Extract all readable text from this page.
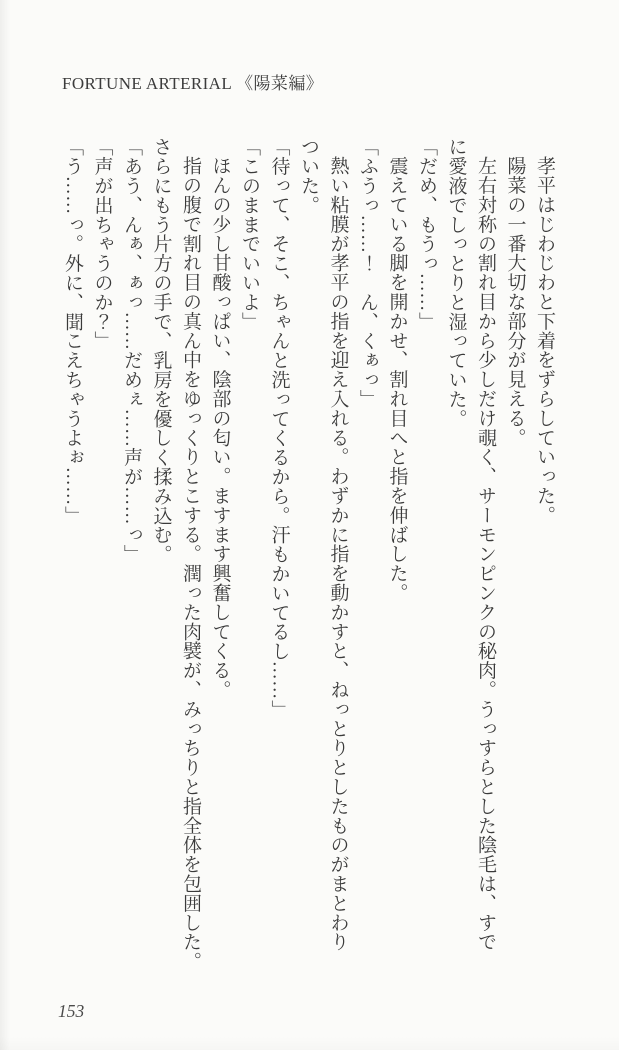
FORTUNE ARTERIAL 《陽菜編》

孝平はじわじわと下着をずらしていった。

陽菜の一番大切な部分が見える。

左右対称の割れ目から少しだけ覗く、サーモンピンクの秘肉。うっすらとした陰毛は、すで

に愛液でしっとりと湿っていた。

「だめ、もうっ……」

震えている脚を開かせ、割れ目へと指を伸ばした。

「ふうっ……！　ん、くぁっ」

熱い粘膜が孝平の指を迎え入れる。わずかに指を動かすと、ねっとりとしたものがまとわり

ついた。

「待って、そこ、ちゃんと洗ってくるから。汗もかいてるし……」

「このままでいいよ」

ほんの少し甘酸っぱい、陰部の匂い。ますます興奮してくる。

指の腹で割れ目の真ん中をゆっくりとこする。潤った肉襞が、みっちりと指全体を包囲した。

さらにもう片方の手で、乳房を優しく揉み込む。

「あう、んぁ、ぁっ……だめぇ……声が……っ」

「声が出ちゃうのか？」

「う……っ。外に、聞こえちゃうよぉ……」

153
